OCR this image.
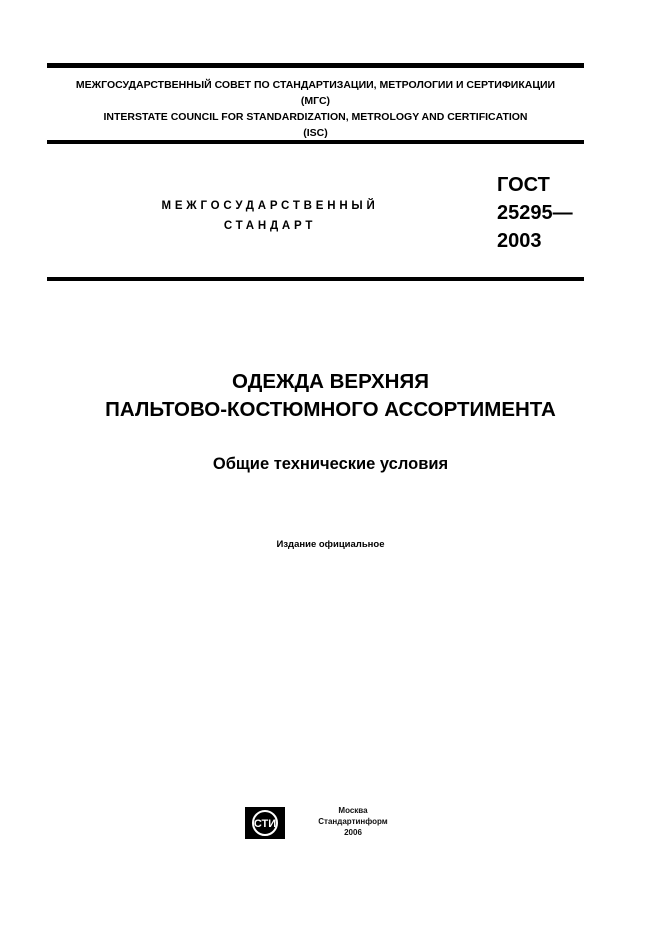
МЕЖГОСУДАРСТВЕННЫЙ СОВЕТ ПО СТАНДАРТИЗАЦИИ, МЕТРОЛОГИИ И СЕРТИФИКАЦИИ
(МГС)
INTERSTATE COUNCIL FOR STANDARDIZATION, METROLOGY AND CERTIFICATION
(ISC)
МЕЖГОСУДАРСТВЕННЫЙ
СТАНДАРТ
ГОСТ
25295—
2003
ОДЕЖДА ВЕРХНЯЯ
ПАЛЬТОВО-КОСТЮМНОГО АССОРТИМЕНТА
Общие технические условия
Издание официальное
СТИ
Москва
Стандартинформ
2006
